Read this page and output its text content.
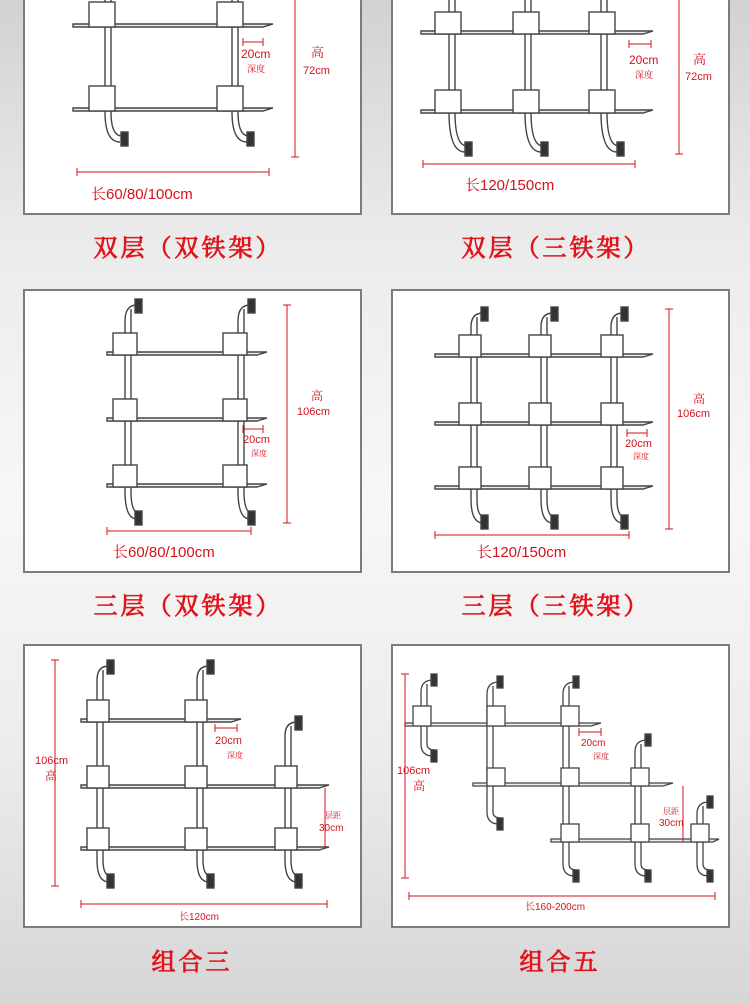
长60/80/100cm
高
72cm
20cm
深度
双层（双铁架）
长120/150cm
高
72cm
20cm
深度
双层（三铁架）
长60/80/100cm
高
106cm
20cm
深度
三层（双铁架）
长120/150cm
高
106cm
20cm
深度
三层（三铁架）
长120cm
106cm
高
20cm
深度
层距
30cm
组合三
长160-200cm
106cm
高
20cm
深度
层距
30cm
组合五
